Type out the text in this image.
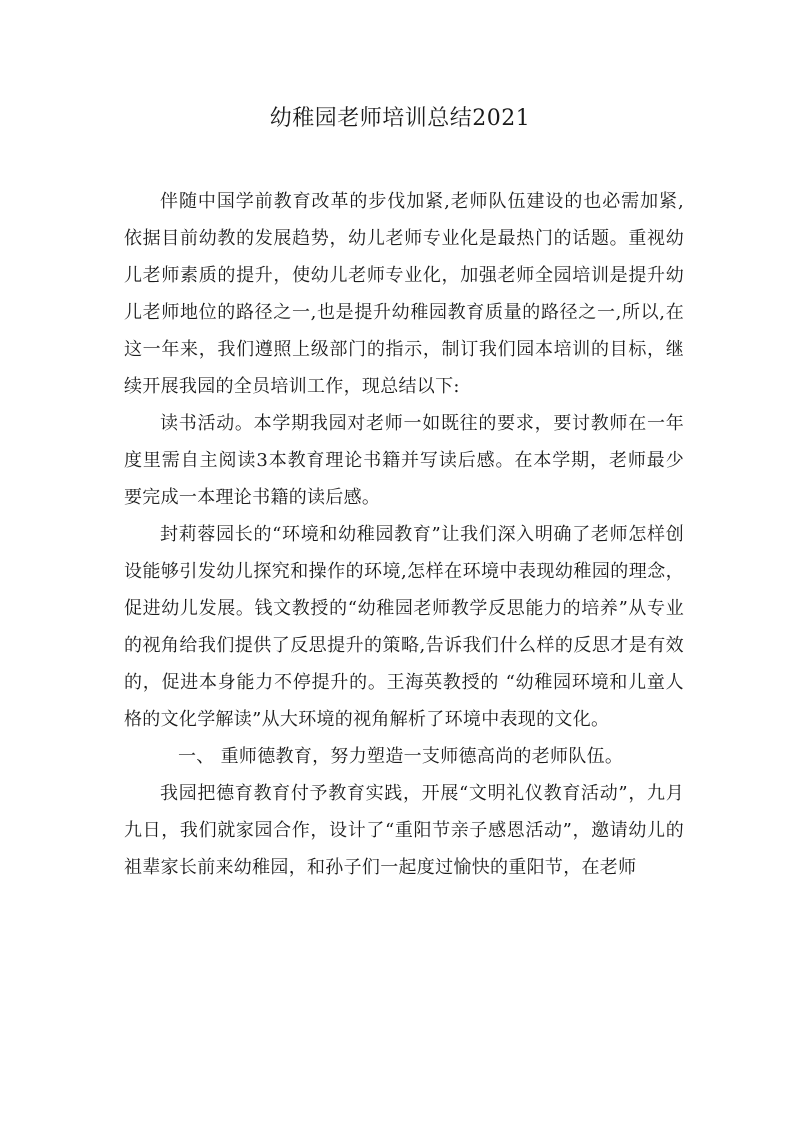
幼稚园老师培训总结2021

伴随中国学前教育改革的步伐加紧,老师队伍建设的也必需加紧,依据目前幼教的发展趋势，幼儿老师专业化是最热门的话题。重视幼儿老师素质的提升，使幼儿老师专业化，加强老师全园培训是提升幼儿老师地位的路径之一,也是提升幼稚园教育质量的路径之一,所以,在这一年来，我们遵照上级部门的指示，制订我们园本培训的目标，继续开展我园的全员培训工作，现总结以下:

读书活动。本学期我园对老师一如既往的要求，要讨教师在一年度里需自主阅读3本教育理论书籍并写读后感。在本学期，老师最少要完成一本理论书籍的读后感。

封莉蓉园长的“环境和幼稚园教育”让我们深入明确了老师怎样创设能够引发幼儿探究和操作的环境,怎样在环境中表现幼稚园的理念，促进幼儿发展。钱文教授的“幼稚园老师教学反思能力的培养”从专业的视角给我们提供了反思提升的策略,告诉我们什么样的反思才是有效的，促进本身能力不停提升的。王海英教授的 “幼稚园环境和儿童人格的文化学解读”从大环境的视角解析了环境中表现的文化。

一、 重师德教育，努力塑造一支师德高尚的老师队伍。

我园把德育教育付予教育实践，开展“文明礼仪教育活动”，九月九日，我们就家园合作，设计了“重阳节亲子感恩活动”，邀请幼儿的祖辈家长前来幼稚园，和孙子们一起度过愉快的重阳节，在老师
